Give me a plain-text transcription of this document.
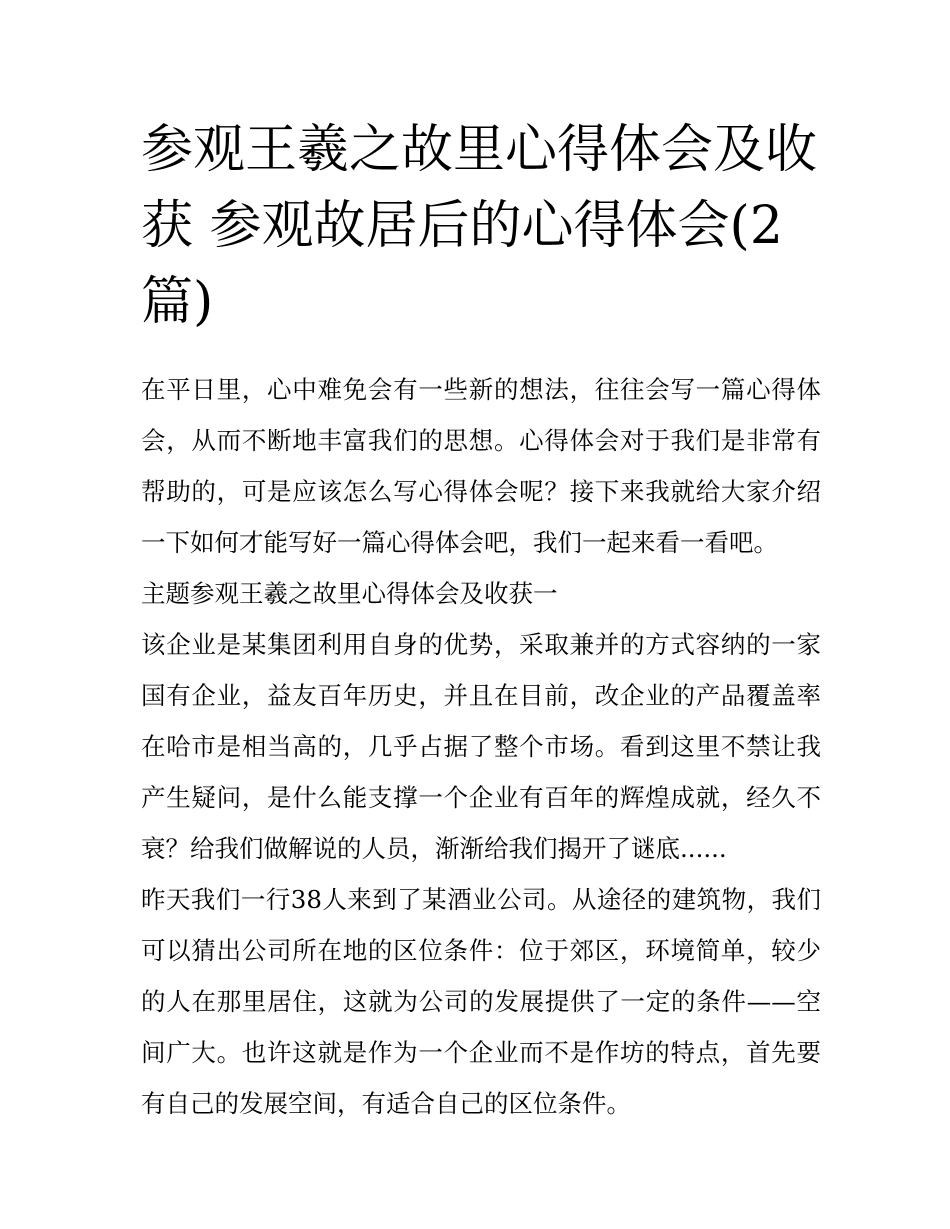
参观王羲之故里心得体会及收获 参观故居后的心得体会(2篇)

在平日里，心中难免会有一些新的想法，往往会写一篇心得体会，从而不断地丰富我们的思想。心得体会对于我们是非常有帮助的，可是应该怎么写心得体会呢？接下来我就给大家介绍一下如何才能写好一篇心得体会吧，我们一起来看一看吧。

主题参观王羲之故里心得体会及收获一

该企业是某集团利用自身的优势，采取兼并的方式容纳的一家国有企业，益友百年历史，并且在目前，改企业的产品覆盖率在哈市是相当高的，几乎占据了整个市场。看到这里不禁让我产生疑问，是什么能支撑一个企业有百年的辉煌成就，经久不衰？给我们做解说的人员，渐渐给我们揭开了谜底......

昨天我们一行38人来到了某酒业公司。从途径的建筑物，我们可以猜出公司所在地的区位条件：位于郊区，环境简单，较少的人在那里居住，这就为公司的发展提供了一定的条件——空间广大。也许这就是作为一个企业而不是作坊的特点，首先要有自己的发展空间，有适合自己的区位条件。
